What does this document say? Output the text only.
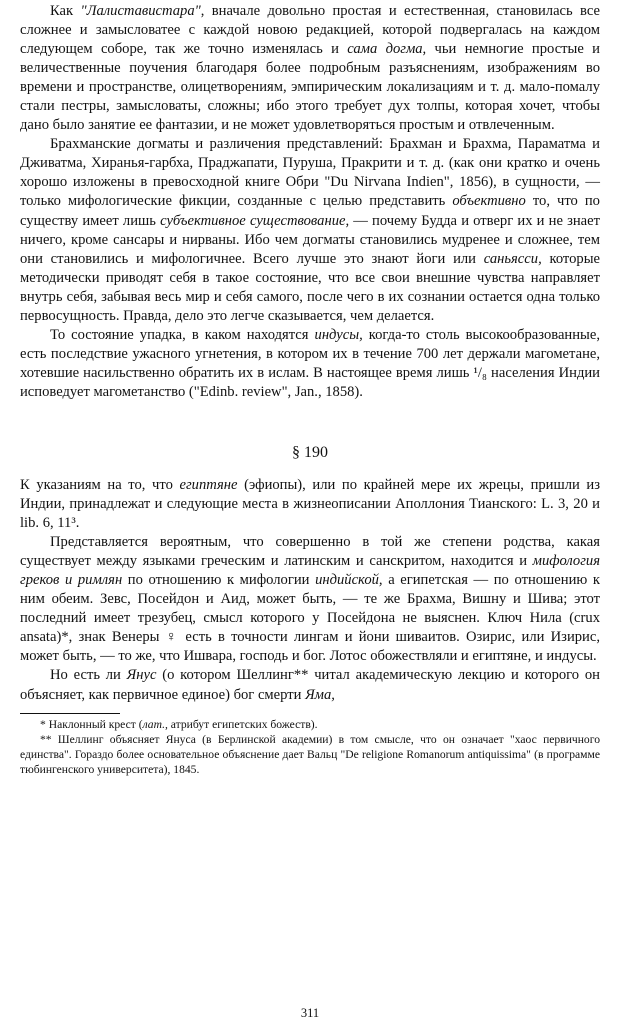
Как "Лалиставистара", вначале довольно простая и естественная, становилась все сложнее и замысловатее с каждой новою редакцией, которой подвергалась на каждом следующем соборе, так же точно изменялась и сама догма, чьи немногие простые и величественные поучения благодаря более подробным разъяснениям, изображениям во времени и пространстве, олицетворениям, эмпирическим локализациям и т. д. мало-помалу стали пестры, замысловаты, сложны; ибо этого требует дух толпы, которая хочет, чтобы дано было занятие ее фантазии, и не может удовлетворяться простым и отвлеченным.

Брахманские догматы и различения представлений: Брахман и Брахма, Параматма и Дживатма, Хиранья-гарбха, Праджапати, Пуруша, Пракрити и т. д. (как они кратко и очень хорошо изложены в превосходной книге Обри "Du Nirvana Indien", 1856), в сущности, — только мифологические фикции, созданные с целью представить объективно то, что по существу имеет лишь субъективное существование, — почему Будда и отверг их и не знает ничего, кроме сансары и нирваны. Ибо чем догматы становились мудренее и сложнее, тем они становились и мифологичнее. Всего лучше это знают йоги или саньясси, которые методически приводят себя в такое состояние, что все свои внешние чувства направляет внутрь себя, забывая весь мир и себя самого, после чего в их сознании остается одна только первосущность. Правда, дело это легче сказывается, чем делается.

То состояние упадка, в каком находятся индусы, когда-то столь высокообразованные, есть последствие ужасного угнетения, в котором их в течение 700 лет держали магометане, хотевшие насильственно обратить их в ислам. В настоящее время лишь ¹/₈ населения Индии исповедует магометанство ("Edinb. review", Jan., 1858).

§ 190

К указаниям на то, что египтяне (эфиопы), или по крайней мере их жрецы, пришли из Индии, принадлежат и следующие места в жизнеописании Аполлония Тианского: L. 3, 20 и lib. 6, 11³.

Представляется вероятным, что совершенно в той же степени родства, какая существует между языками греческим и латинским и санскритом, находится и мифология греков и римлян по отношению к мифологии индийской, а египетская — по отношению к ним обеим. Зевс, Посейдон и Аид, может быть, — те же Брахма, Вишну и Шива; этот последний имеет трезубец, смысл которого у Посейдона не выяснен. Ключ Нила (crux ansata)*, знак Венеры ♀ есть в точности лингам и йони шиваитов. Озирис, или Изирис, может быть, — то же, что Ишвара, господь и бог. Лотос обожествляли и египтяне, и индусы.

Но есть ли Янус (о котором Шеллинг** читал академическую лекцию и которого он объясняет, как первичное единое) бог смерти Яма,

* Наклонный крест (лат., атрибут египетских божеств).

** Шеллинг объясняет Януса (в Берлинской академии) в том смысле, что он означает "хаос первичного единства". Гораздо более основательное объяснение дает Вальц "De religione Romanorum antiquissima" (в программе тюбингенского университета), 1845.

311
